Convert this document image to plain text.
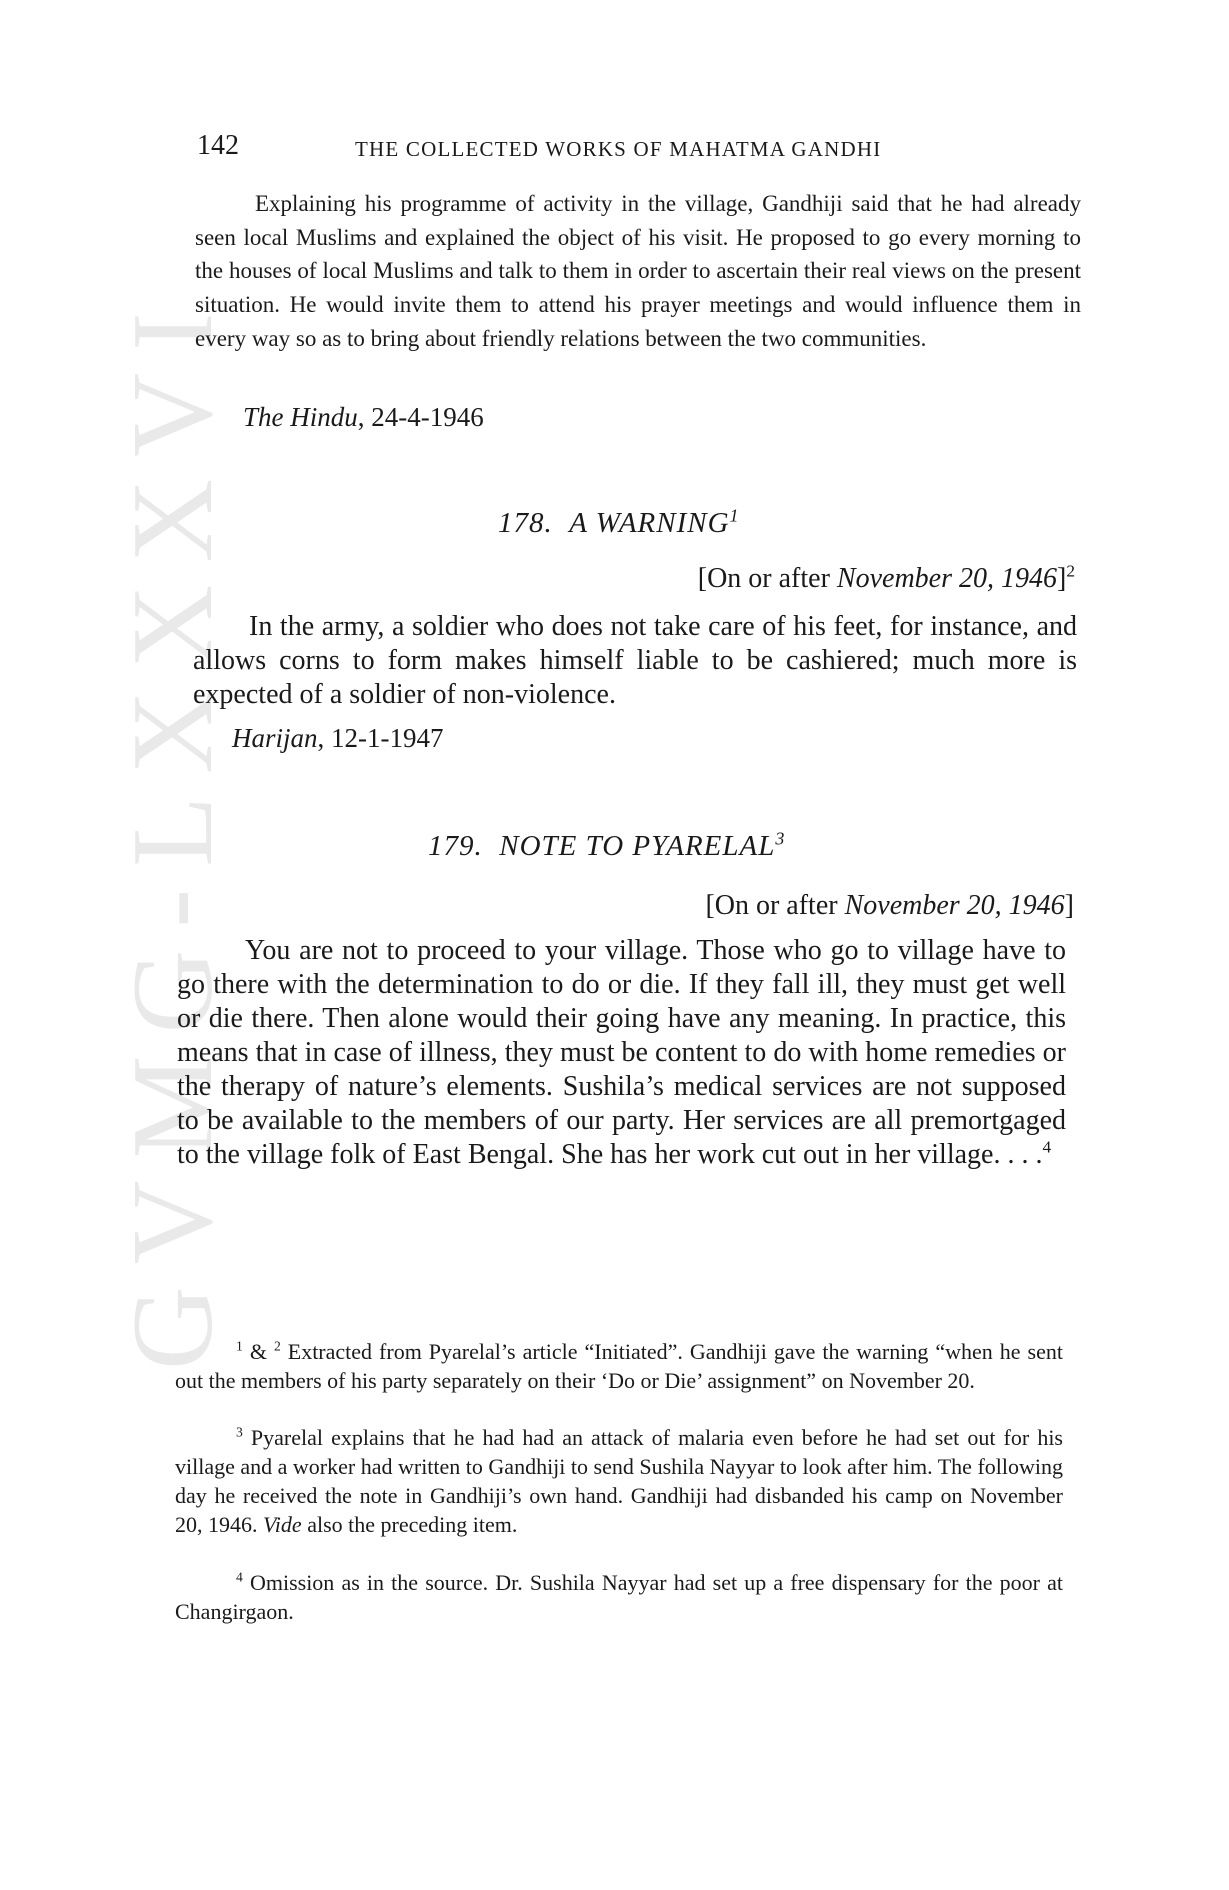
GVMG-LXXXVI
142	THE COLLECTED WORKS OF MAHATMA GANDHI

Explaining his programme of activity in the village, Gandhiji said that he had already seen local Muslims and explained the object of his visit. He proposed to go every morning to the houses of local Muslims and talk to them in order to ascertain their real views on the present situation. He would invite them to attend his prayer meetings and would influence them in every way so as to bring about friendly relations between the two communities.

The Hindu, 24-4-1946
178. A WARNING$^1$
[On or after November 20, 1946]$^2$

In the army, a soldier who does not take care of his feet, for instance, and allows corns to form makes himself liable to be cashiered; much more is expected of a soldier of non-violence.

Harijan, 12-1-1947
179. NOTE TO PYARELAL$^3$
[On or after November 20, 1946]

You are not to proceed to your village. Those who go to village have to go there with the determination to do or die. If they fall ill, they must get well or die there. Then alone would their going have any meaning. In practice, this means that in case of illness, they must be content to do with home remedies or the therapy of nature’s elements. Sushila’s medical services are not supposed to be available to the members of our party. Her services are all premortgaged to the village folk of East Bengal. She has her work cut out in her village. . . .$^4$

$^1$ & $^2$ Extracted from Pyarelal’s article “Initiated”. Gandhiji gave the warning “when he sent out the members of his party separately on their ‘Do or Die’ assignment” on November 20.

$^3$ Pyarelal explains that he had had an attack of malaria even before he had set out for his village and a worker had written to Gandhiji to send Sushila Nayyar to look after him. The following day he received the note in Gandhiji’s own hand. Gandhiji had disbanded his camp on November 20, 1946. Vide also the preceding item.

$^4$ Omission as in the source. Dr. Sushila Nayyar had set up a free dispensary for the poor at Changirgaon.
